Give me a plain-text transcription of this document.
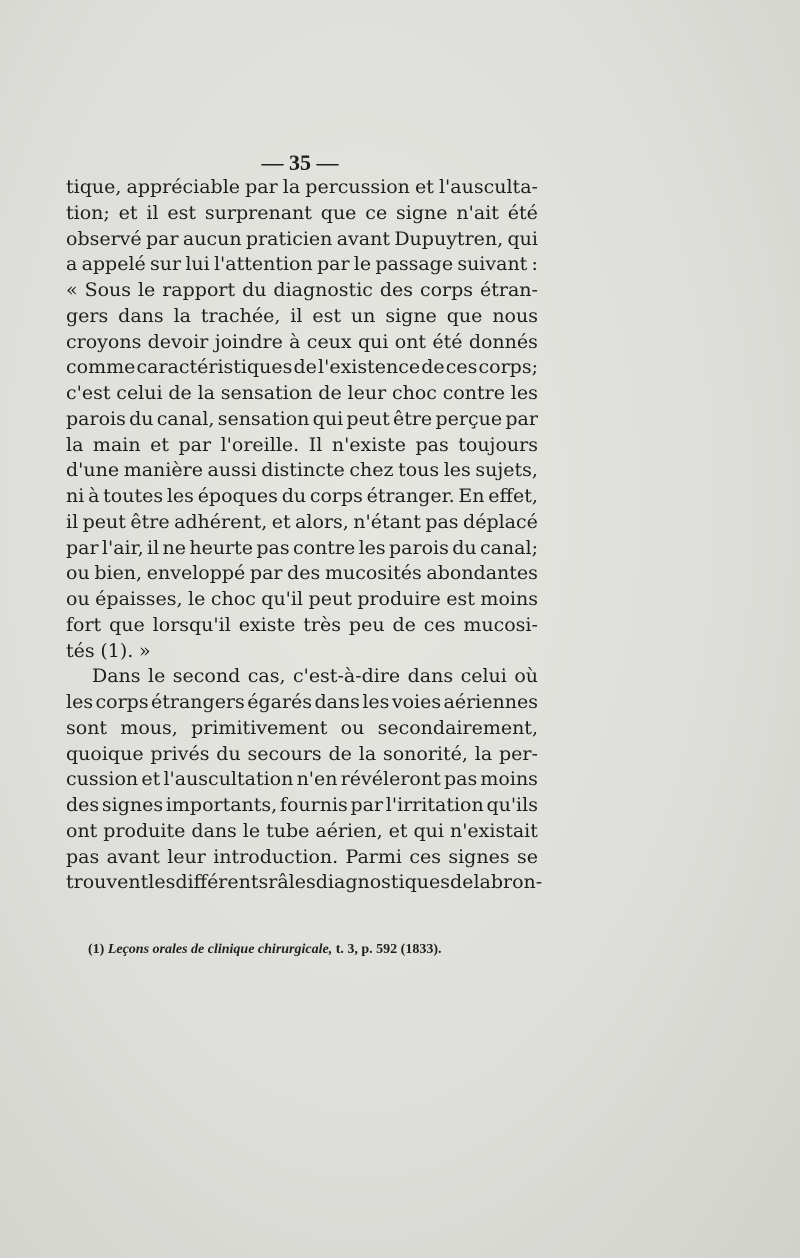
— 35 —
tique, appréciable par la percussion et l'ausculta-
tion; et il est surprenant que ce signe n'ait été
observé par aucun praticien avant Dupuytren, qui
a appelé sur lui l'attention par le passage suivant :
« Sous le rapport du diagnostic des corps étran-
gers dans la trachée, il est un signe que nous
croyons devoir joindre à ceux qui ont été donnés
comme caractéristiques de l'existence de ces corps;
c'est celui de la sensation de leur choc contre les
parois du canal, sensation qui peut être perçue par
la main et par l'oreille. Il n'existe pas toujours
d'une manière aussi distincte chez tous les sujets,
ni à toutes les époques du corps étranger. En effet,
il peut être adhérent, et alors, n'étant pas déplacé
par l'air, il ne heurte pas contre les parois du canal;
ou bien, enveloppé par des mucosités abondantes
ou épaisses, le choc qu'il peut produire est moins
fort que lorsqu'il existe très peu de ces mucosi-
tés (1). »
Dans le second cas, c'est-à-dire dans celui où
les corps étrangers égarés dans les voies aériennes
sont mous, primitivement ou secondairement,
quoique privés du secours de la sonorité, la per-
cussion et l'auscultation n'en révéleront pas moins
des signes importants, fournis par l'irritation qu'ils
ont produite dans le tube aérien, et qui n'existait
pas avant leur introduction. Parmi ces signes se
trouvent les différents râles diagnostiques de la bron-
(1) Leçons orales de clinique chirurgicale, t. 3, p. 592 (1833).
